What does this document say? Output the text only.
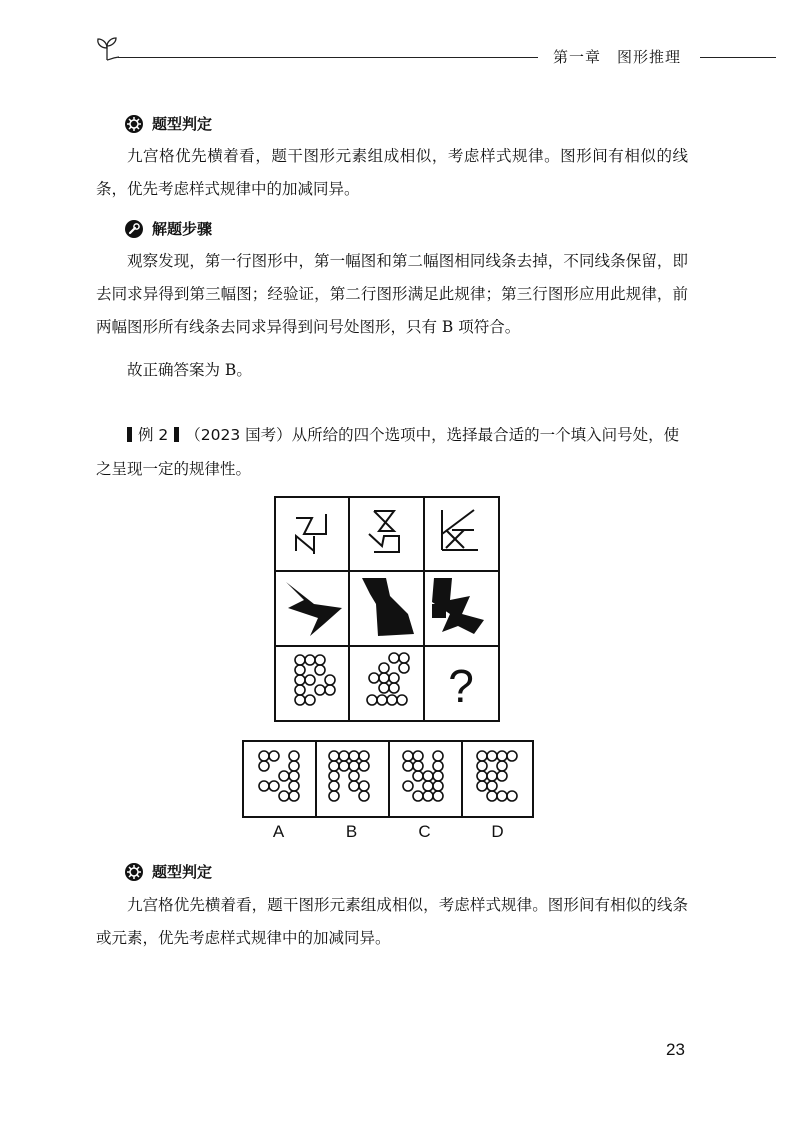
第一章　图形推理
题型判定
九宫格优先横着看，题干图形元素组成相似，考虑样式规律。图形间有相似的线条，优先考虑样式规律中的加减同异。
解题步骤
观察发现，第一行图形中，第一幅图和第二幅图相同线条去掉，不同线条保留，即去同求异得到第三幅图；经验证，第二行图形满足此规律；第三行图形应用此规律，前两幅图形所有线条去同求异得到问号处图形，只有 B 项符合。
故正确答案为 B。
例 2 （2023 国考）从所给的四个选项中，选择最合适的一个填入问号处，使之呈现一定的规律性。
?
A	B	C	D
题型判定
九宫格优先横着看，题干图形元素组成相似，考虑样式规律。图形间有相似的线条或元素，优先考虑样式规律中的加减同异。
23
